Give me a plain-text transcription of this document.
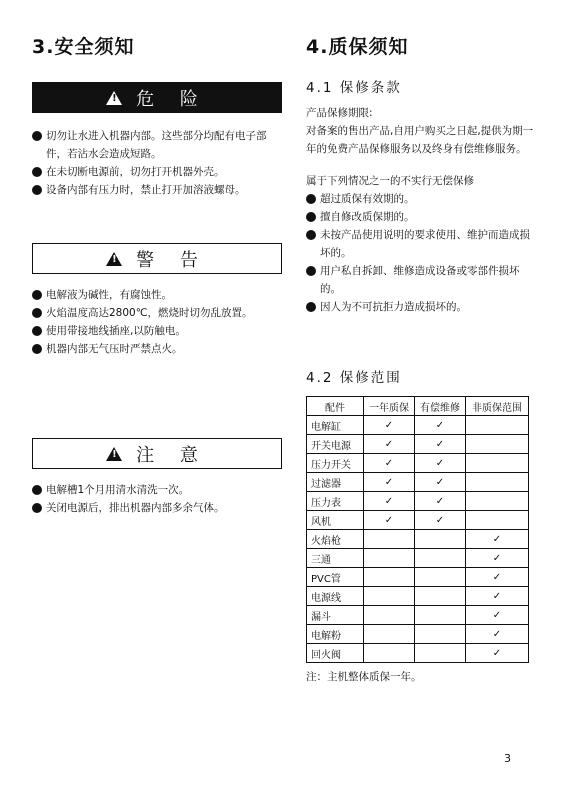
3.安全须知
!
危 险
切勿让水进入机器内部。这些部分均配有电子部件，若沾水会造成短路。
在未切断电源前，切勿打开机器外壳。
设备内部有压力时，禁止打开加溶液螺母。
!
警 告
电解液为碱性，有腐蚀性。
火焰温度高达2800℃，燃烧时切勿乱放置。
使用带接地线插座,以防触电。
机器内部无气压时严禁点火。
!
注 意
电解槽1个月用清水清洗一次。
关闭电源后，排出机器内部多余气体。
4.质保须知
4.1 保修条款

产品保修期限:

对备案的售出产品,自用户购买之日起,提供为期一年的免费产品保修服务以及终身有偿维修服务。

属于下列情况之一的不实行无偿保修

超过质保有效期的。
擅自修改质保期的。
未按产品使用说明的要求使用、维护而造成损坏的。
用户私自拆卸、维修造成设备或零部件损坏的。
因人为不可抗拒力造成损坏的。
4.2 保修范围
配件	一年质保	有偿维修	非质保范围
电解缸	✓	✓	
开关电源	✓	✓	
压力开关	✓	✓	
过滤器	✓	✓	
压力表	✓	✓	
风机	✓	✓	
火焰枪			✓
三通			✓
PVC管			✓
电源线			✓
漏斗			✓
电解粉			✓
回火阀			✓
注：主机整体质保一年。
3
